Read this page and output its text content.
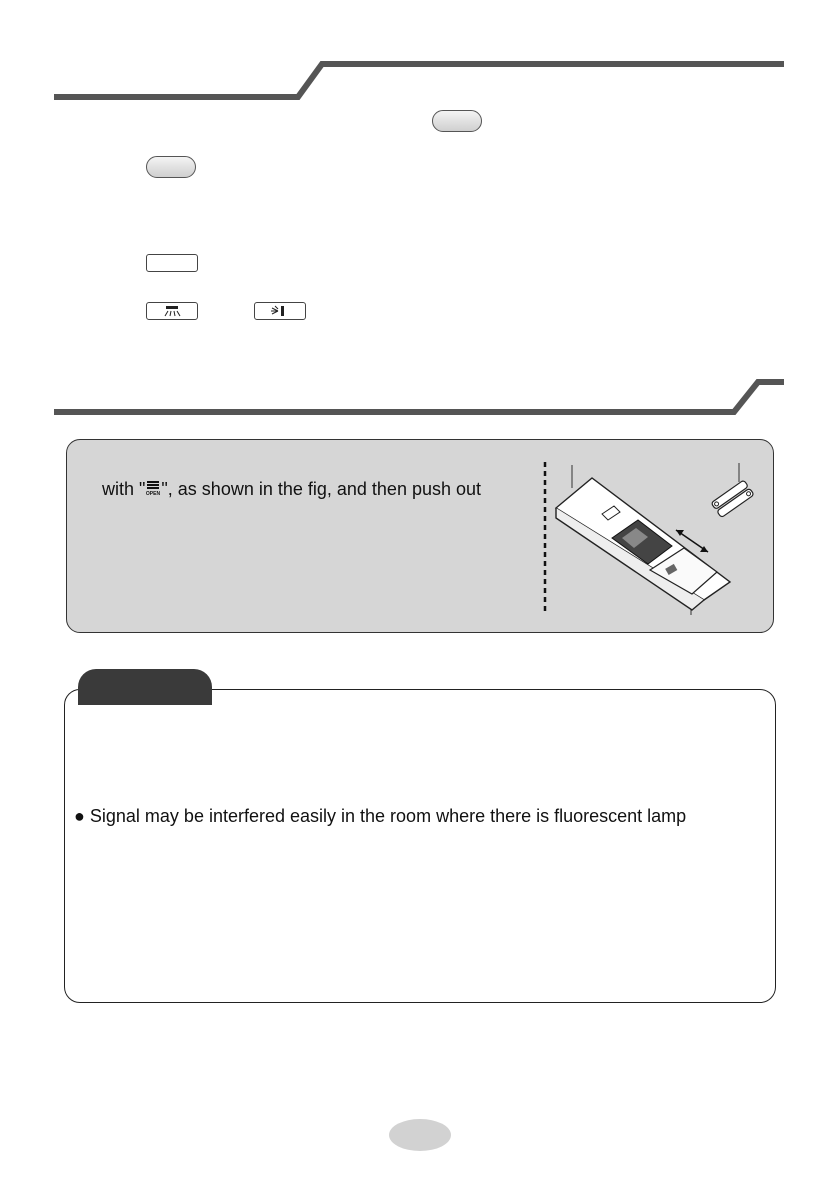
with " OPEN ", as shown in the fig, and then push out
● Signal may be interfered easily in the room where there is fluorescent lamp
